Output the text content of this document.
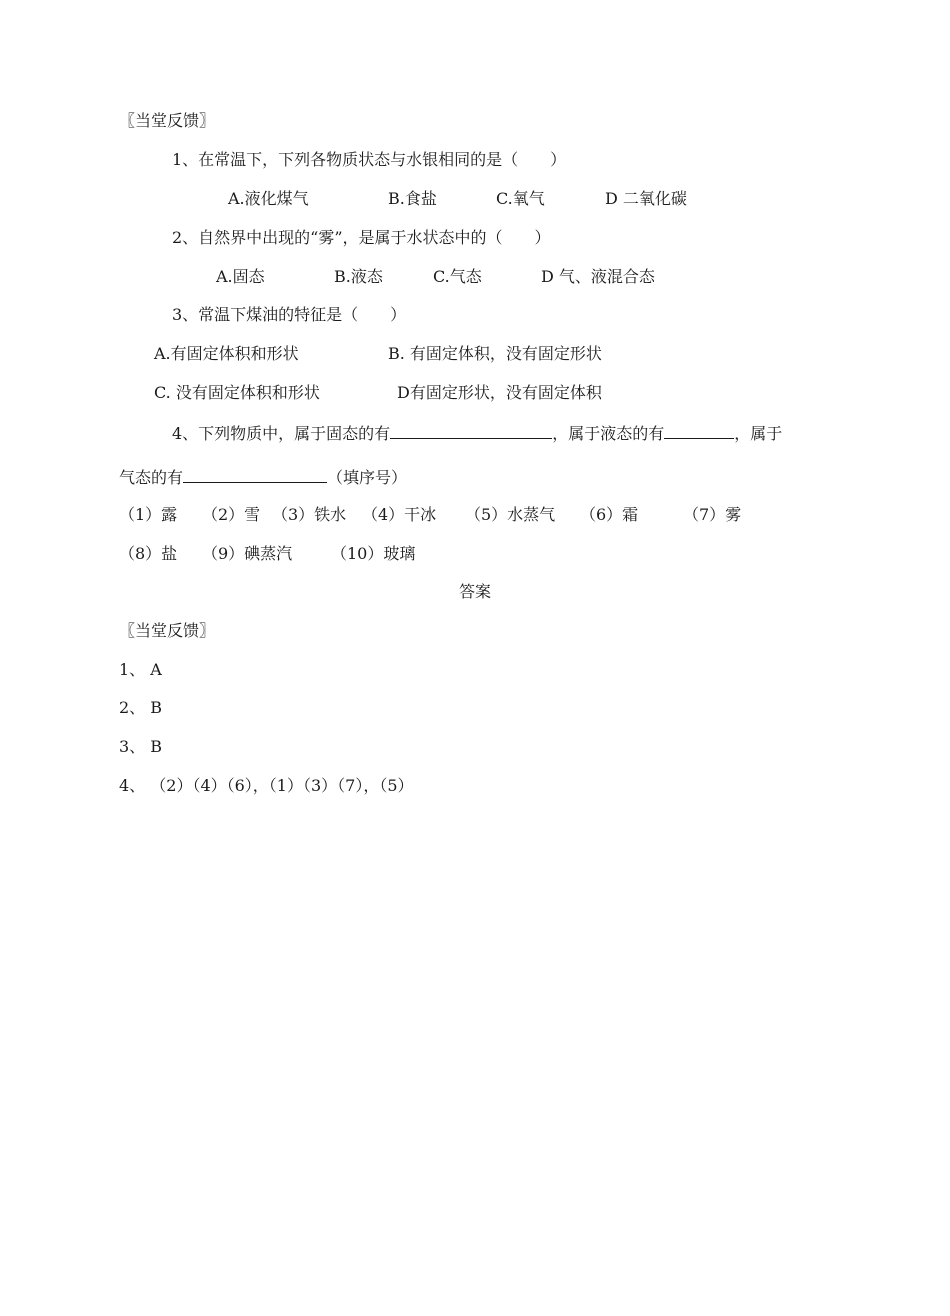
〖当堂反馈〗
1、在常温下，下列各物质状态与水银相同的是（　　）
A.液化煤气	B.食盐	C.氧气	D 二氧化碳
2、自然界中出现的“雾”，是属于水状态中的（　　）
A.固态	B.液态	C.气态	D 气、液混合态
3、常温下煤油的特征是（　　）
A.有固定体积和形状	B. 有固定体积，没有固定形状
C. 没有固定体积和形状	D有固定形状，没有固定体积
4、下列物质中，属于固态的有	，属于液态的有	，属于
气态的有	（填序号）
（1）露 （2）雪 （3）铁水 （4）干冰 （5）水蒸气 （6）霜	（7）雾
（8）盐 （9）碘蒸汽 （10）玻璃
答案
〖当堂反馈〗
1、 A
2、 B
3、 B
4、 （2）（4）（6），（1）（3）（7），（5）
